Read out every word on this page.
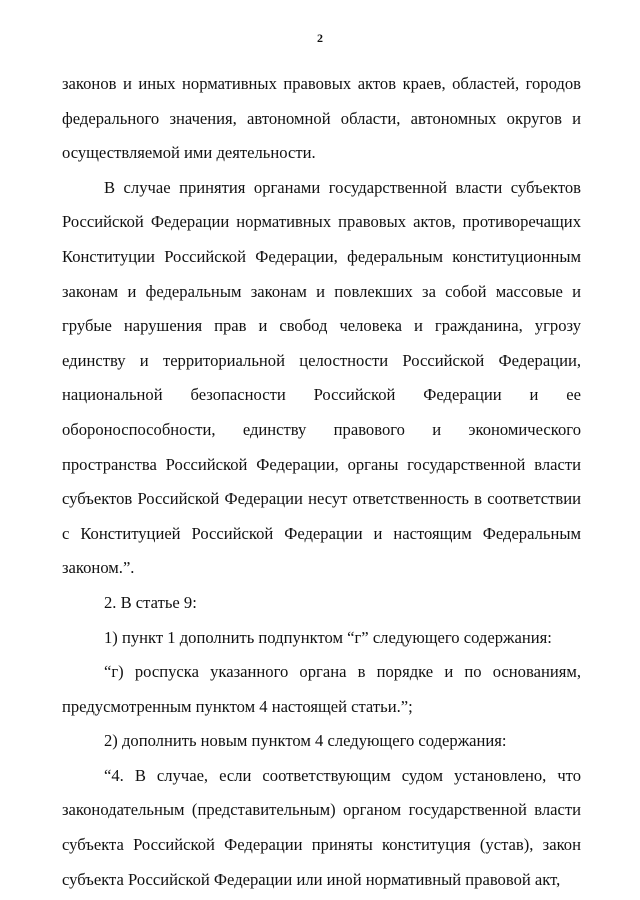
2

законов и иных нормативных правовых актов краев, областей, городов федерального значения, автономной области, автономных округов и осуществляемой ими деятельности.

В случае принятия органами государственной власти субъектов Российской Федерации нормативных правовых актов, противоречащих Конституции Российской Федерации, федеральным конституционным законам и федеральным законам и повлекших за собой массовые и грубые нарушения прав и свобод человека и гражданина, угрозу единству и территориальной целостности Российской Федерации, национальной безопасности Российской Федерации и ее обороноспособности, единству правового и экономического пространства Российской Федерации, органы государственной власти субъектов Российской Федерации несут ответственность в соответствии с Конституцией Российской Федерации и настоящим Федеральным законом.”.

2. В статье 9:

1) пункт 1 дополнить подпунктом “г” следующего содержания:

“г) роспуска указанного органа в порядке и по основаниям, предусмотренным пунктом 4 настоящей статьи.”;

2) дополнить новым пунктом 4 следующего содержания:

“4. В случае, если соответствующим судом установлено, что законодательным (представительным) органом государственной власти субъекта Российской Федерации приняты конституция (устав), закон субъекта Российской Федерации или иной нормативный правовой акт,
